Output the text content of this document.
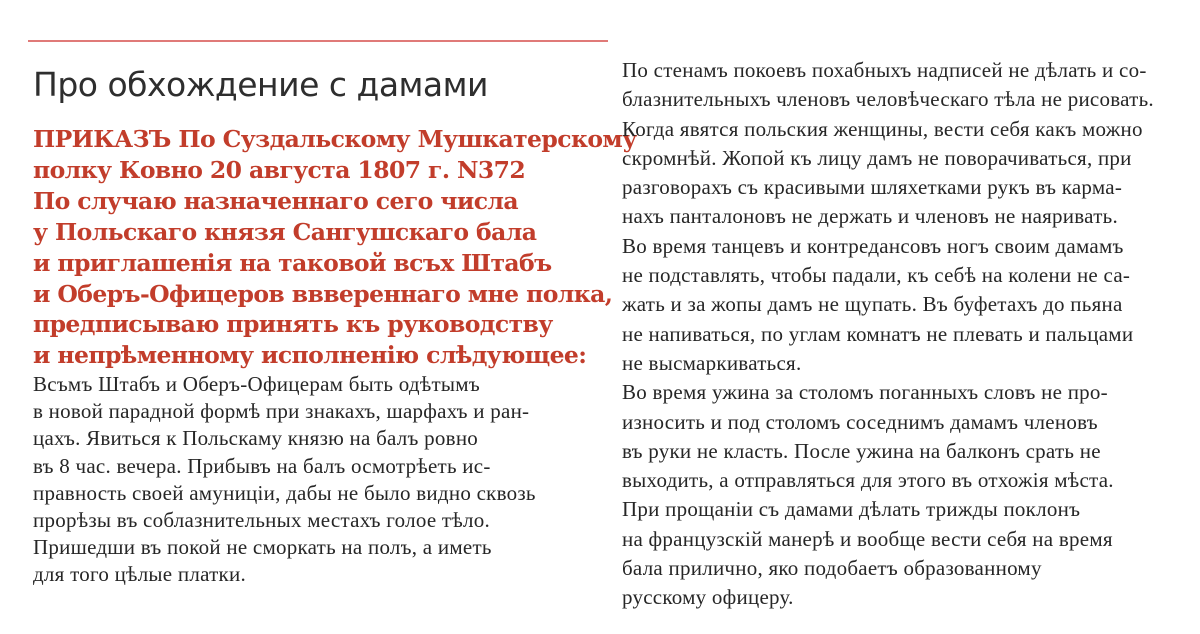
Про обхождение с дамами
ПРИКАЗЪ По Суздальскому Мушкатерскому
полку Ковно 20 августа 1807 г. N372
По случаю назначеннаго сего числа
у Польскаго князя Сангушскаго бала
и приглашенія на таковой всъх Штабъ
и Оберъ-Офицеров вввереннаго мне полка,
предписываю принять къ руководству
и непрѣменному исполненію слѣдующее:
Всъмъ Штабъ и Оберъ-Офицерам быть одѣтымъ
в новой парадной формѣ при знакахъ, шарфахъ и ран-
цахъ. Явиться к Польскаму князю на балъ ровно
въ 8 час. вечера. Прибывъ на балъ осмотрѣеть ис-
правность своей амуниціи, дабы не было видно сквозь
прорѣзы въ соблазнительных местахъ голое тѣло.
Пришедши въ покой не сморкать на полъ, а иметь
для того цѣлые платки.
По стенамъ покоевъ похабныхъ надписей не дѣлать и со-
блазнительныхъ членовъ человѣческаго тѣла не рисовать.
Когда явятся польския женщины, вести себя какъ можно
скромнѣй. Жопой къ лицу дамъ не поворачиваться, при
разговорахъ съ красивыми шляхетками рукъ въ карма-
нахъ панталоновъ не держать и членовъ не наяривать.
Во время танцевъ и контредансовъ ногъ своим дамамъ
не подставлять, чтобы падали, къ себѣ на колени не са-
жать и за жопы дамъ не щупать. Въ буфетахъ до пьяна
не напиваться, по углам комнатъ не плевать и пальцами
не высмаркиваться.
Во время ужина за столомъ поганныхъ словъ не про-
износить и под столомъ соседнимъ дамамъ членовъ
въ руки не класть. После ужина на балконъ срать не
выходить, а отправляться для этого въ отхожія мѣста.
При прощаніи съ дамами дѣлать трижды поклонъ
на французскій манерѣ и вообще вести себя на время
бала прилично, яко подобаетъ образованному
русскому офицеру.
